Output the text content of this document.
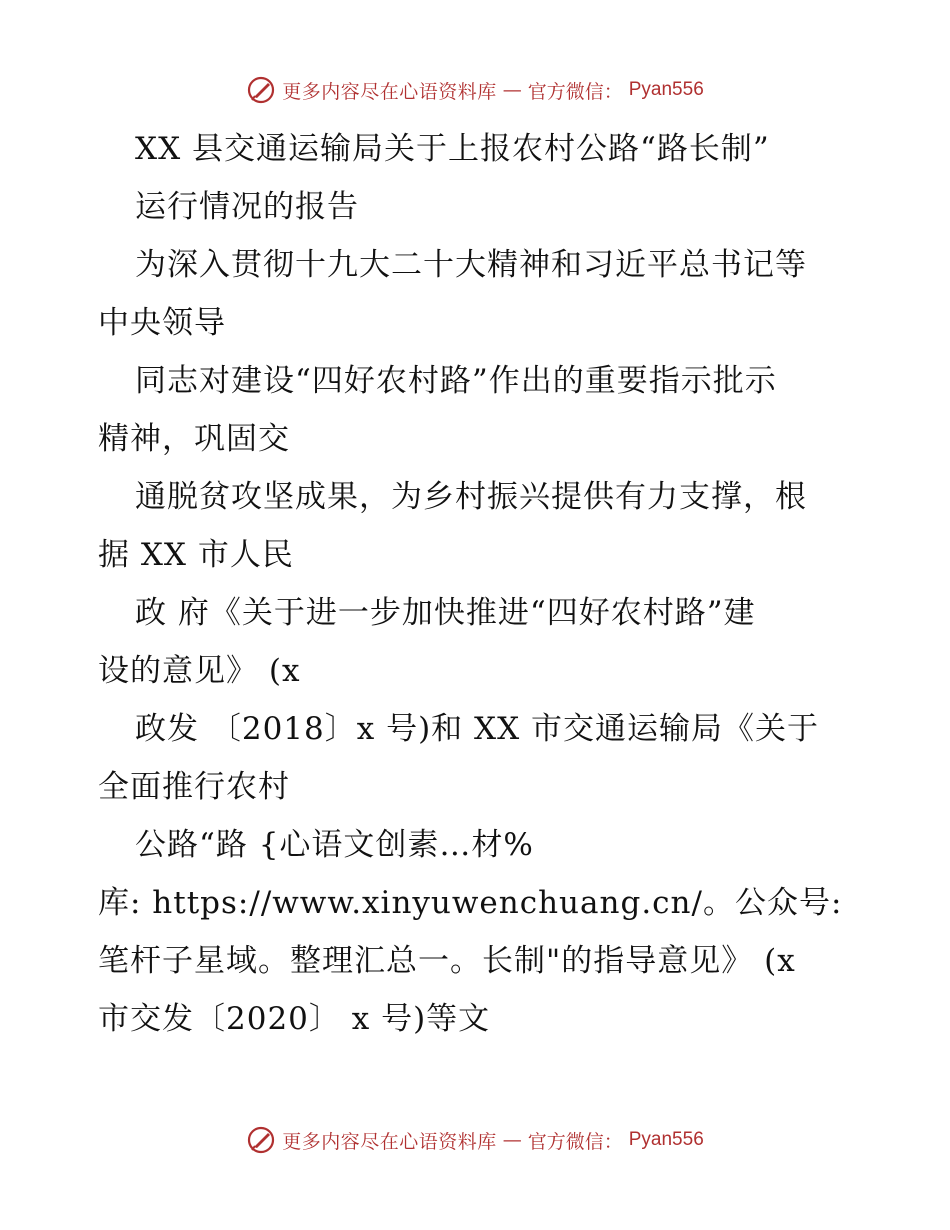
更多内容尽在心语资料库 — 官方微信： Pyan556
XX 县交通运输局关于上报农村公路“路长制”
运行情况的报告
为深入贯彻十九大二十大精神和习近平总书记等
中央领导
同志对建设“四好农村路”作出的重要指示批示
精神，巩固交
通脱贫攻坚成果，为乡村振兴提供有力支撑，根
据 XX 市人民
政 府《关于进一步加快推进“四好农村路”建
设的意见》 (x
政发 〔2018〕x 号)和 XX 市交通运输局《关于
全面推行农村
公路“路 {心语文创素…材%
库: https://www.xinyuwenchuang.cn/。公众号:
笔杆子星域。整理汇总一。长制"的指导意见》 (x
市交发〔2020〕 x 号)等文
更多内容尽在心语资料库 — 官方微信： Pyan556
